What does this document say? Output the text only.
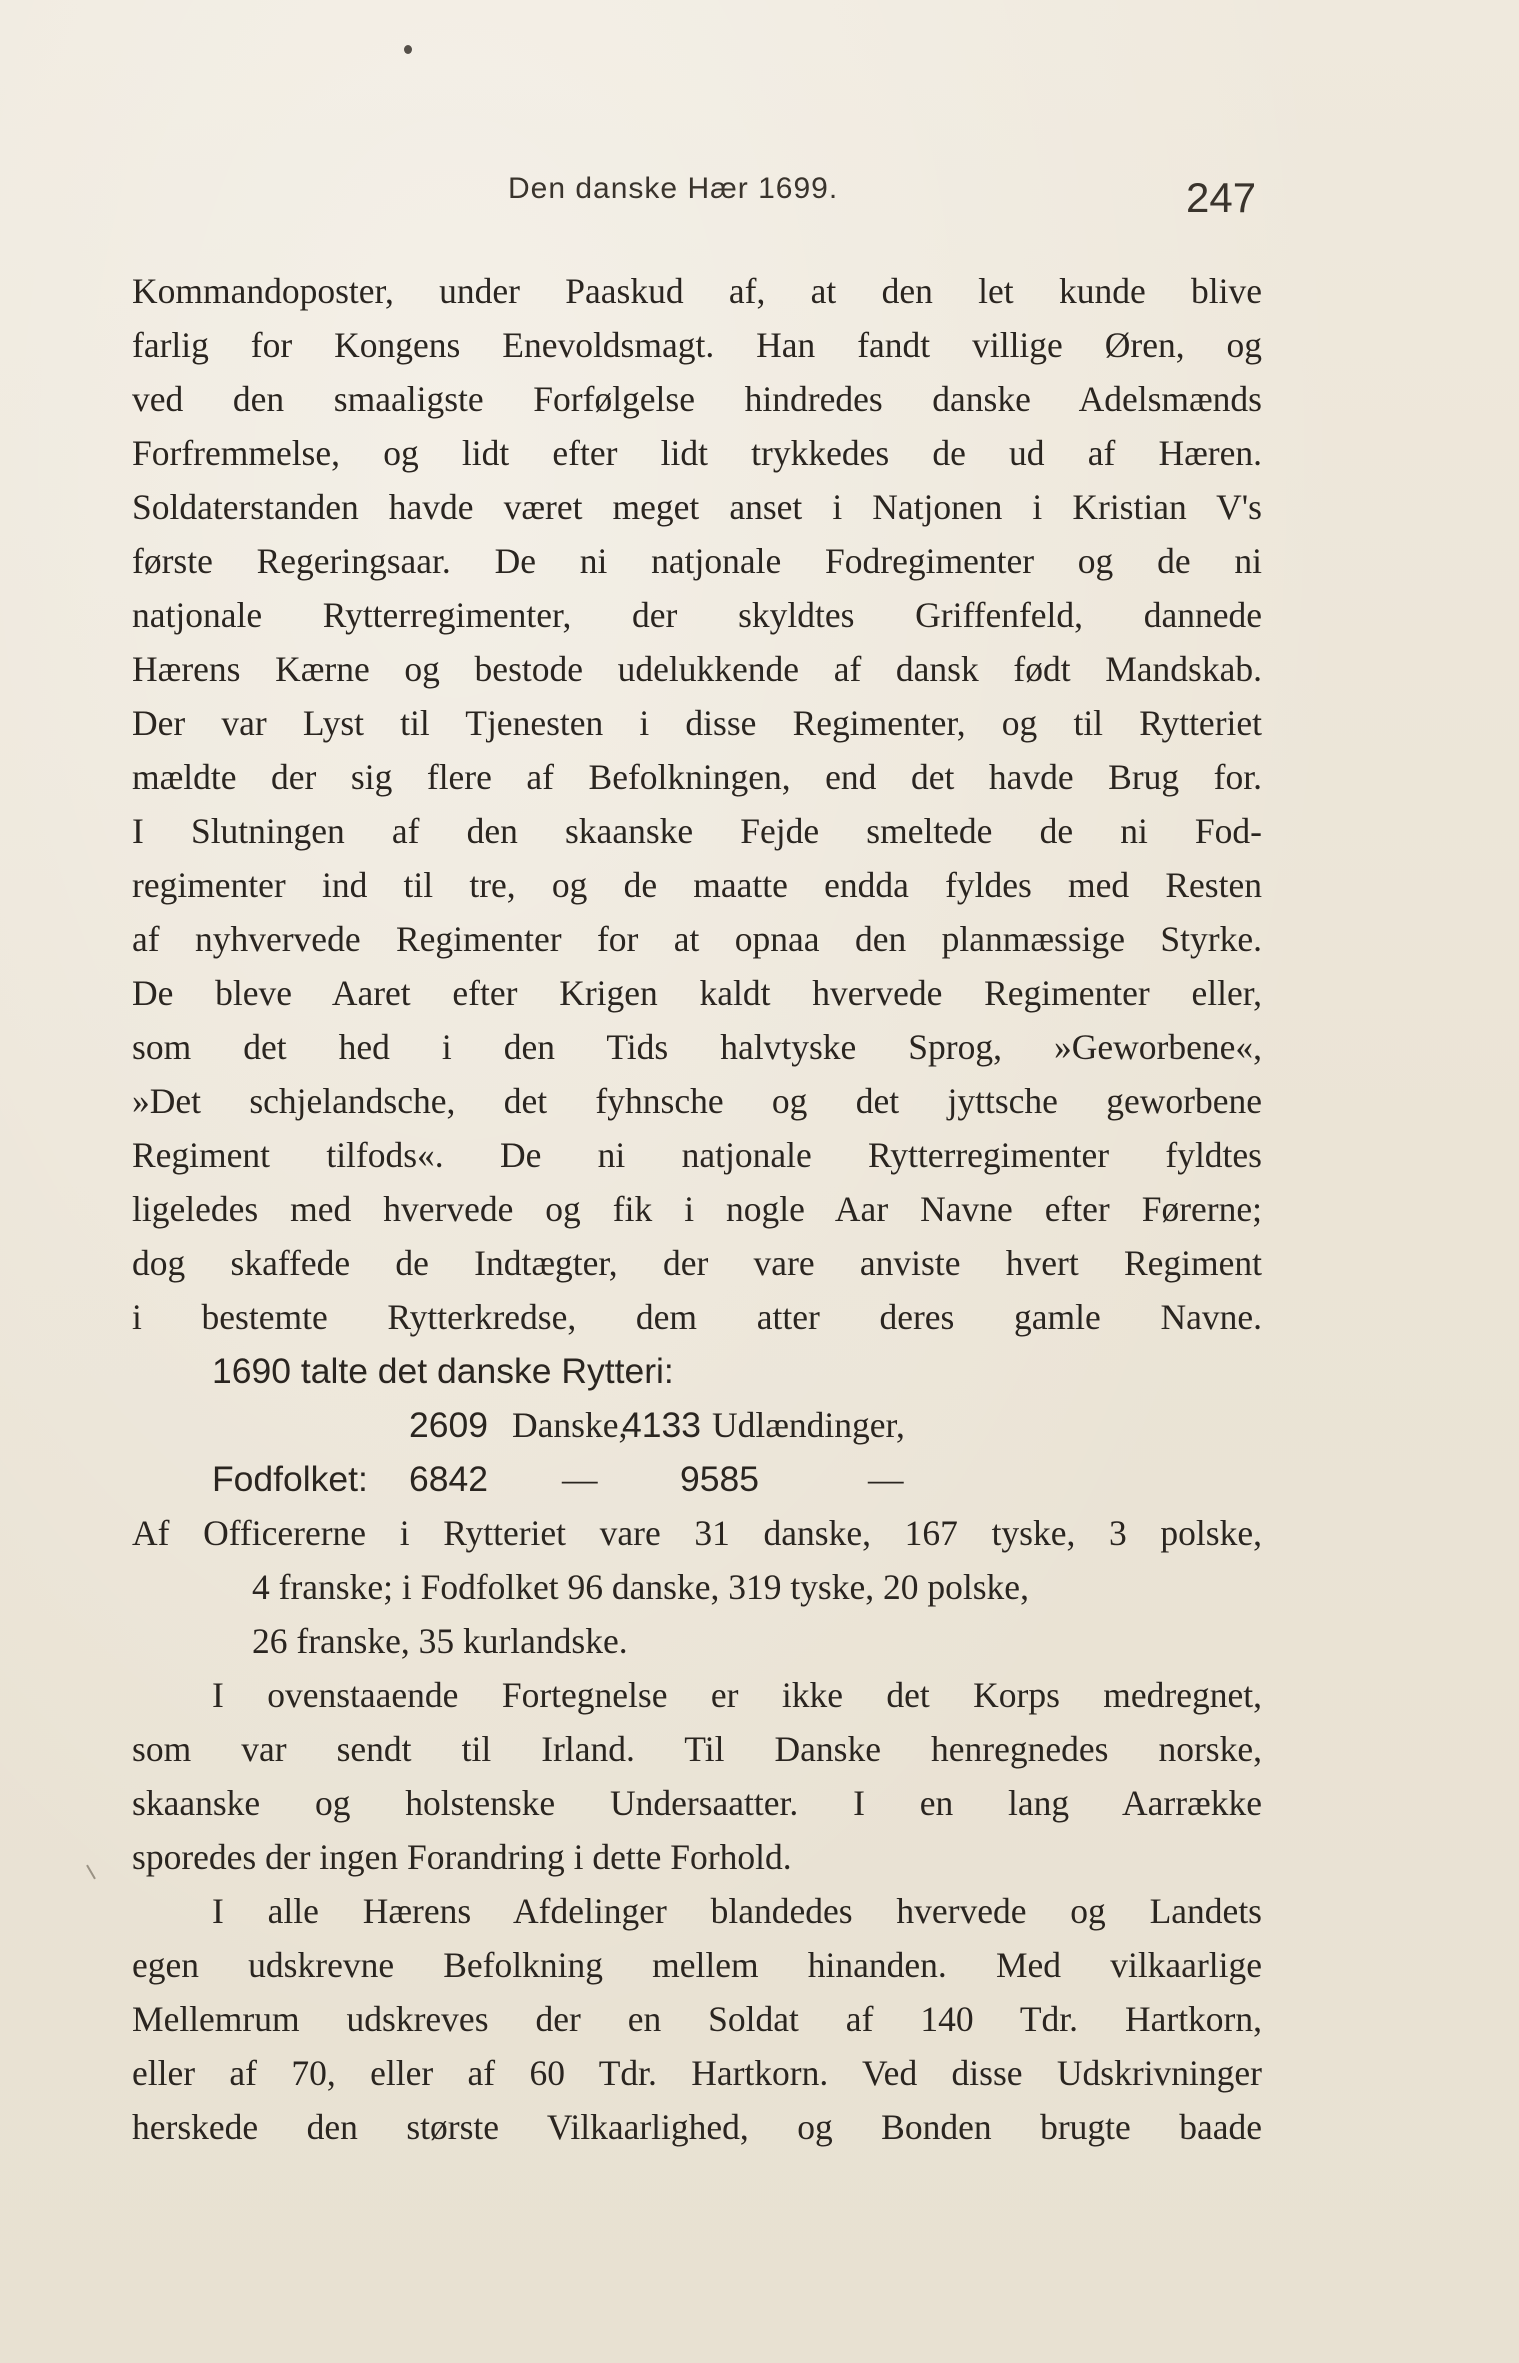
Den danske Hær 1699.	247
Kommandoposter, under Paaskud af, at den let kunde blive
farlig for Kongens Enevoldsmagt. Han fandt villige Øren, og
ved den smaaligste Forfølgelse hindredes danske Adelsmænds
Forfremmelse, og lidt efter lidt trykkedes de ud af Hæren.
Soldaterstanden havde været meget anset i Natjonen i Kristian V's
første Regeringsaar. De ni natjonale Fodregimenter og de ni
natjonale Rytterregimenter, der skyldtes Griffenfeld, dannede
Hærens Kærne og bestode udelukkende af dansk født Mandskab.
Der var Lyst til Tjenesten i disse Regimenter, og til Rytteriet
mældte der sig flere af Befolkningen, end det havde Brug for.
I Slutningen af den skaanske Fejde smeltede de ni Fod-
regimenter ind til tre, og de maatte endda fyldes med Resten
af nyhvervede Regimenter for at opnaa den planmæssige Styrke.
De bleve Aaret efter Krigen kaldt hvervede Regimenter eller,
som det hed i den Tids halvtyske Sprog, »Geworbene«,
»Det schjelandsche, det fyhnsche og det jyttsche geworbene
Regiment tilfods«. De ni natjonale Rytterregimenter fyldtes
ligeledes med hvervede og fik i nogle Aar Navne efter Førerne;
dog skaffede de Indtægter, der vare anviste hvert Regiment
i bestemte Rytterkredse, dem atter deres gamle Navne.
1690 talte det danske Rytteri:
2609 Danske,
4133 Udlændinger,
Fodfolket: 6842 — 9585	—
Af Officererne i Rytteriet vare 31 danske, 167 tyske, 3 polske,
4 franske; i Fodfolket 96 danske, 319 tyske, 20 polske,
26 franske, 35 kurlandske.
I ovenstaaende Fortegnelse er ikke det Korps medregnet,
som var sendt til Irland. Til Danske henregnedes norske,
skaanske og holstenske Undersaatter. I en lang Aarrække
sporedes der ingen Forandring i dette Forhold.
I alle Hærens Afdelinger blandedes hvervede og Landets
egen udskrevne Befolkning mellem hinanden. Med vilkaarlige
Mellemrum udskreves der en Soldat af 140 Tdr. Hartkorn,
eller af 70, eller af 60 Tdr. Hartkorn. Ved disse Udskrivninger
herskede den største Vilkaarlighed, og Bonden brugte baade
